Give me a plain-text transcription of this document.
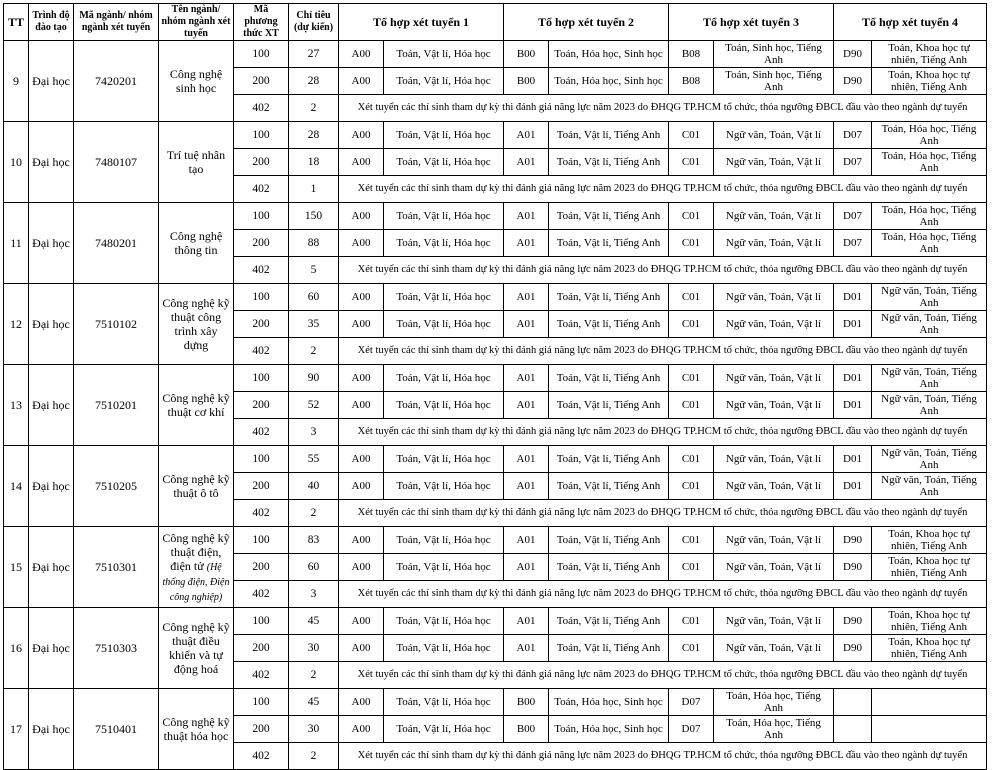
TT	Trình độ đào tạo	Mã ngành/ nhóm ngành xét tuyển	Tên ngành/ nhóm ngành xét tuyển	Mã phương thức XT	Chỉ tiêu (dự kiến)	Tổ hợp xét tuyển 1		Tổ hợp xét tuyển 2		Tổ hợp xét tuyển 3		Tổ hợp xét tuyển 4	
9	Đại học	7420201	Công nghệ sinh học	100	27	A00	Toán, Vật lí, Hóa học	B00	Toán, Hóa học, Sinh học	B08	Toán, Sinh học, Tiếng Anh	D90	Toán, Khoa học tự nhiên, Tiếng Anh
				200	28	A00	Toán, Vật lí, Hóa học	B00	Toán, Hóa học, Sinh học	B08	Toán, Sinh học, Tiếng Anh	D90	Toán, Khoa học tự nhiên, Tiếng Anh
				402	2	Xét tuyển các thí sinh tham dự kỳ thi đánh giá năng lực năm 2023 do ĐHQG TP.HCM tổ chức, thỏa ngưỡng ĐBCL đầu vào theo ngành dự tuyển							
10	Đại học	7480107	Trí tuệ nhân tạo	100	28	A00	Toán, Vật lí, Hóa học	A01	Toán, Vật lí, Tiếng Anh	C01	Ngữ văn, Toán, Vật lí	D07	Toán, Hóa học, Tiếng Anh
				200	18	A00	Toán, Vật lí, Hóa học	A01	Toán, Vật lí, Tiếng Anh	C01	Ngữ văn, Toán, Vật lí	D07	Toán, Hóa học, Tiếng Anh
				402	1	Xét tuyển các thí sinh tham dự kỳ thi đánh giá năng lực năm 2023 do ĐHQG TP.HCM tổ chức, thỏa ngưỡng ĐBCL đầu vào theo ngành dự tuyển							
11	Đại học	7480201	Công nghệ thông tin	100	150	A00	Toán, Vật lí, Hóa học	A01	Toán, Vật lí, Tiếng Anh	C01	Ngữ văn, Toán, Vật lí	D07	Toán, Hóa học, Tiếng Anh
				200	88	A00	Toán, Vật lí, Hóa học	A01	Toán, Vật lí, Tiếng Anh	C01	Ngữ văn, Toán, Vật lí	D07	Toán, Hóa học, Tiếng Anh
				402	5	Xét tuyển các thí sinh tham dự kỳ thi đánh giá năng lực năm 2023 do ĐHQG TP.HCM tổ chức, thỏa ngưỡng ĐBCL đầu vào theo ngành dự tuyển							
12	Đại học	7510102	Công nghệ kỹ thuật công trình xây dựng	100	60	A00	Toán, Vật lí, Hóa học	A01	Toán, Vật lí, Tiếng Anh	C01	Ngữ văn, Toán, Vật lí	D01	Ngữ văn, Toán, Tiếng Anh
				200	35	A00	Toán, Vật lí, Hóa học	A01	Toán, Vật lí, Tiếng Anh	C01	Ngữ văn, Toán, Vật lí	D01	Ngữ văn, Toán, Tiếng Anh
				402	2	Xét tuyển các thí sinh tham dự kỳ thi đánh giá năng lực năm 2023 do ĐHQG TP.HCM tổ chức, thỏa ngưỡng ĐBCL đầu vào theo ngành dự tuyển							
13	Đại học	7510201	Công nghệ kỹ thuật cơ khí	100	90	A00	Toán, Vật lí, Hóa học	A01	Toán, Vật lí, Tiếng Anh	C01	Ngữ văn, Toán, Vật lí	D01	Ngữ văn, Toán, Tiếng Anh
				200	52	A00	Toán, Vật lí, Hóa học	A01	Toán, Vật lí, Tiếng Anh	C01	Ngữ văn, Toán, Vật lí	D01	Ngữ văn, Toán, Tiếng Anh
				402	3	Xét tuyển các thí sinh tham dự kỳ thi đánh giá năng lực năm 2023 do ĐHQG TP.HCM tổ chức, thỏa ngưỡng ĐBCL đầu vào theo ngành dự tuyển							
14	Đại học	7510205	Công nghệ kỹ thuật ô tô	100	55	A00	Toán, Vật lí, Hóa học	A01	Toán, Vật lí, Tiếng Anh	C01	Ngữ văn, Toán, Vật lí	D01	Ngữ văn, Toán, Tiếng Anh
				200	40	A00	Toán, Vật lí, Hóa học	A01	Toán, Vật lí, Tiếng Anh	C01	Ngữ văn, Toán, Vật lí	D01	Ngữ văn, Toán, Tiếng Anh
				402	2	Xét tuyển các thí sinh tham dự kỳ thi đánh giá năng lực năm 2023 do ĐHQG TP.HCM tổ chức, thỏa ngưỡng ĐBCL đầu vào theo ngành dự tuyển							
15	Đại học	7510301	Công nghệ kỹ thuật điện, điện tử (Hệ thống điện, Điện công nghiệp)	100	83	A00	Toán, Vật lí, Hóa học	A01	Toán, Vật lí, Tiếng Anh	C01	Ngữ văn, Toán, Vật lí	D90	Toán, Khoa học tự nhiên, Tiếng Anh
				200	60	A00	Toán, Vật lí, Hóa học	A01	Toán, Vật lí, Tiếng Anh	C01	Ngữ văn, Toán, Vật lí	D90	Toán, Khoa học tự nhiên, Tiếng Anh
				402	3	Xét tuyển các thí sinh tham dự kỳ thi đánh giá năng lực năm 2023 do ĐHQG TP.HCM tổ chức, thỏa ngưỡng ĐBCL đầu vào theo ngành dự tuyển							
16	Đại học	7510303	Công nghệ kỹ thuật điều khiển và tự động hoá	100	45	A00	Toán, Vật lí, Hóa học	A01	Toán, Vật lí, Tiếng Anh	C01	Ngữ văn, Toán, Vật lí	D90	Toán, Khoa học tự nhiên, Tiếng Anh
				200	30	A00	Toán, Vật lí, Hóa học	A01	Toán, Vật lí, Tiếng Anh	C01	Ngữ văn, Toán, Vật lí	D90	Toán, Khoa học tự nhiên, Tiếng Anh
				402	2	Xét tuyển các thí sinh tham dự kỳ thi đánh giá năng lực năm 2023 do ĐHQG TP.HCM tổ chức, thỏa ngưỡng ĐBCL đầu vào theo ngành dự tuyển							
17	Đại học	7510401	Công nghệ kỹ thuật hóa học	100	45	A00	Toán, Vật lí, Hóa học	B00	Toán, Hóa học, Sinh học	D07	Toán, Hóa học, Tiếng Anh		
				200	30	A00	Toán, Vật lí, Hóa học	B00	Toán, Hóa học, Sinh học	D07	Toán, Hóa học, Tiếng Anh		
				402	2	Xét tuyển các thí sinh tham dự kỳ thi đánh giá năng lực năm 2023 do ĐHQG TP.HCM tổ chức, thỏa ngưỡng ĐBCL đầu vào theo ngành dự tuyển							
